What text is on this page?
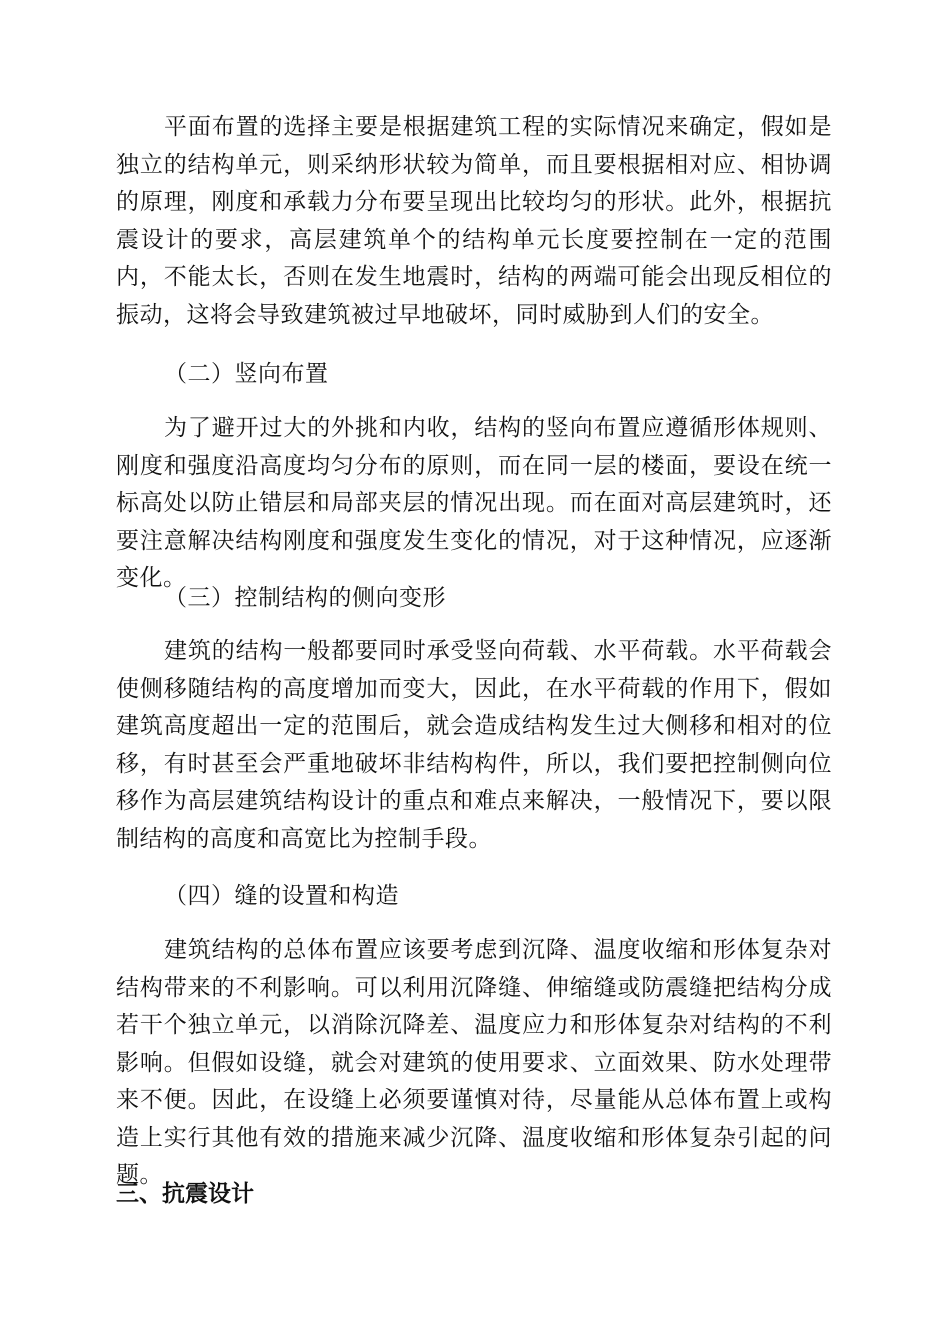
平面布置的选择主要是根据建筑工程的实际情况来确定，假如是独立的结构单元，则采纳形状较为简单，而且要根据相对应、相协调的原理，刚度和承载力分布要呈现出比较均匀的形状。此外，根据抗震设计的要求，高层建筑单个的结构单元长度要控制在一定的范围内，不能太长，否则在发生地震时，结构的两端可能会出现反相位的振动，这将会导致建筑被过早地破坏，同时威胁到人们的安全。

（二）竖向布置

为了避开过大的外挑和内收，结构的竖向布置应遵循形体规则、刚度和强度沿高度均匀分布的原则，而在同一层的楼面，要设在统一标高处以防止错层和局部夹层的情况出现。而在面对高层建筑时，还要注意解决结构刚度和强度发生变化的情况，对于这种情况，应逐渐变化。

（三）控制结构的侧向变形

建筑的结构一般都要同时承受竖向荷载、水平荷载。水平荷载会使侧移随结构的高度增加而变大，因此，在水平荷载的作用下，假如建筑高度超出一定的范围后，就会造成结构发生过大侧移和相对的位移，有时甚至会严重地破坏非结构构件，所以，我们要把控制侧向位移作为高层建筑结构设计的重点和难点来解决，一般情况下，要以限制结构的高度和高宽比为控制手段。

（四）缝的设置和构造

建筑结构的总体布置应该要考虑到沉降、温度收缩和形体复杂对结构带来的不利影响。可以利用沉降缝、伸缩缝或防震缝把结构分成若干个独立单元，以消除沉降差、温度应力和形体复杂对结构的不利影响。但假如设缝，就会对建筑的使用要求、立面效果、防水处理带来不便。因此，在设缝上必须要谨慎对待，尽量能从总体布置上或构造上实行其他有效的措施来减少沉降、温度收缩和形体复杂引起的问题。

三、抗震设计
